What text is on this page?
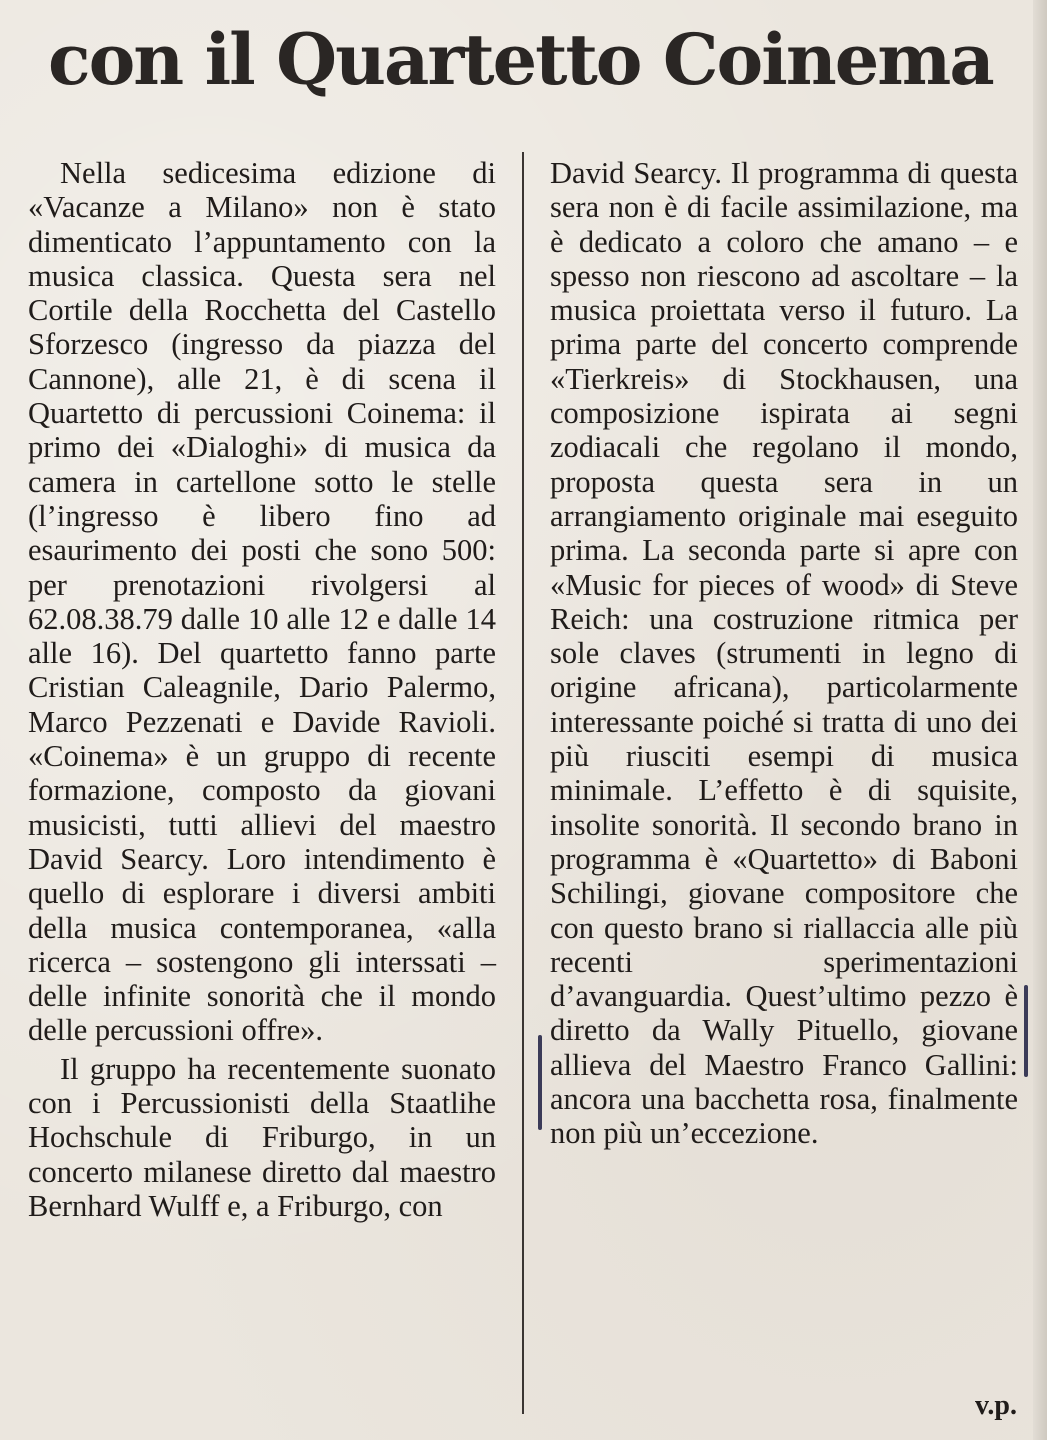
con il Quartetto Coinema

Nella sedicesima edizione di «Vacanze a Milano» non è stato dimenticato l’appuntamento con la musica classica. Questa sera nel Cortile della Rocchetta del Castello Sforzesco (ingresso da piazza del Cannone), alle 21, è di scena il Quartetto di percussioni Coinema: il primo dei «Dialoghi» di musica da camera in cartellone sotto le stelle (l’ingresso è libero fino ad esaurimento dei posti che sono 500: per prenotazioni rivolgersi al 62.08.38.79 dalle 10 alle 12 e dalle 14 alle 16). Del quartetto fanno parte Cristian Caleagnile, Dario Palermo, Marco Pezzenati e Davide Ravioli. «Coinema» è un gruppo di recente formazione, composto da giovani musicisti, tutti allievi del maestro David Searcy. Loro intendimento è quello di esplorare i diversi ambiti della musica contemporanea, «alla ricerca – sostengono gli interssati – delle infinite sonorità che il mondo delle percussioni offre».

Il gruppo ha recentemente suonato con i Percussionisti della Staatlihe Hochschule di Friburgo, in un concerto milanese diretto dal maestro Bernhard Wulff e, a Friburgo, con

David Searcy. Il programma di questa sera non è di facile assimilazione, ma è dedicato a coloro che amano – e spesso non riescono ad ascoltare – la musica proiettata verso il futuro. La prima parte del concerto comprende «Tierkreis» di Stockhausen, una composizione ispirata ai segni zodiacali che regolano il mondo, proposta questa sera in un arrangiamento originale mai eseguito prima. La seconda parte si apre con «Music for pieces of wood» di Steve Reich: una costruzione ritmica per sole claves (strumenti in legno di origine africana), particolarmente interessante poiché si tratta di uno dei più riusciti esempi di musica minimale. L’effetto è di squisite, insolite sonorità. Il secondo brano in programma è «Quartetto» di Baboni Schilingi, giovane compositore che con questo brano si riallaccia alle più recenti sperimentazioni d’avanguardia. Quest’ultimo pezzo è diretto da Wally Pituello, giovane allieva del Maestro Franco Gallini: ancora una bacchetta rosa, finalmente non più un’eccezione.

v.p.
